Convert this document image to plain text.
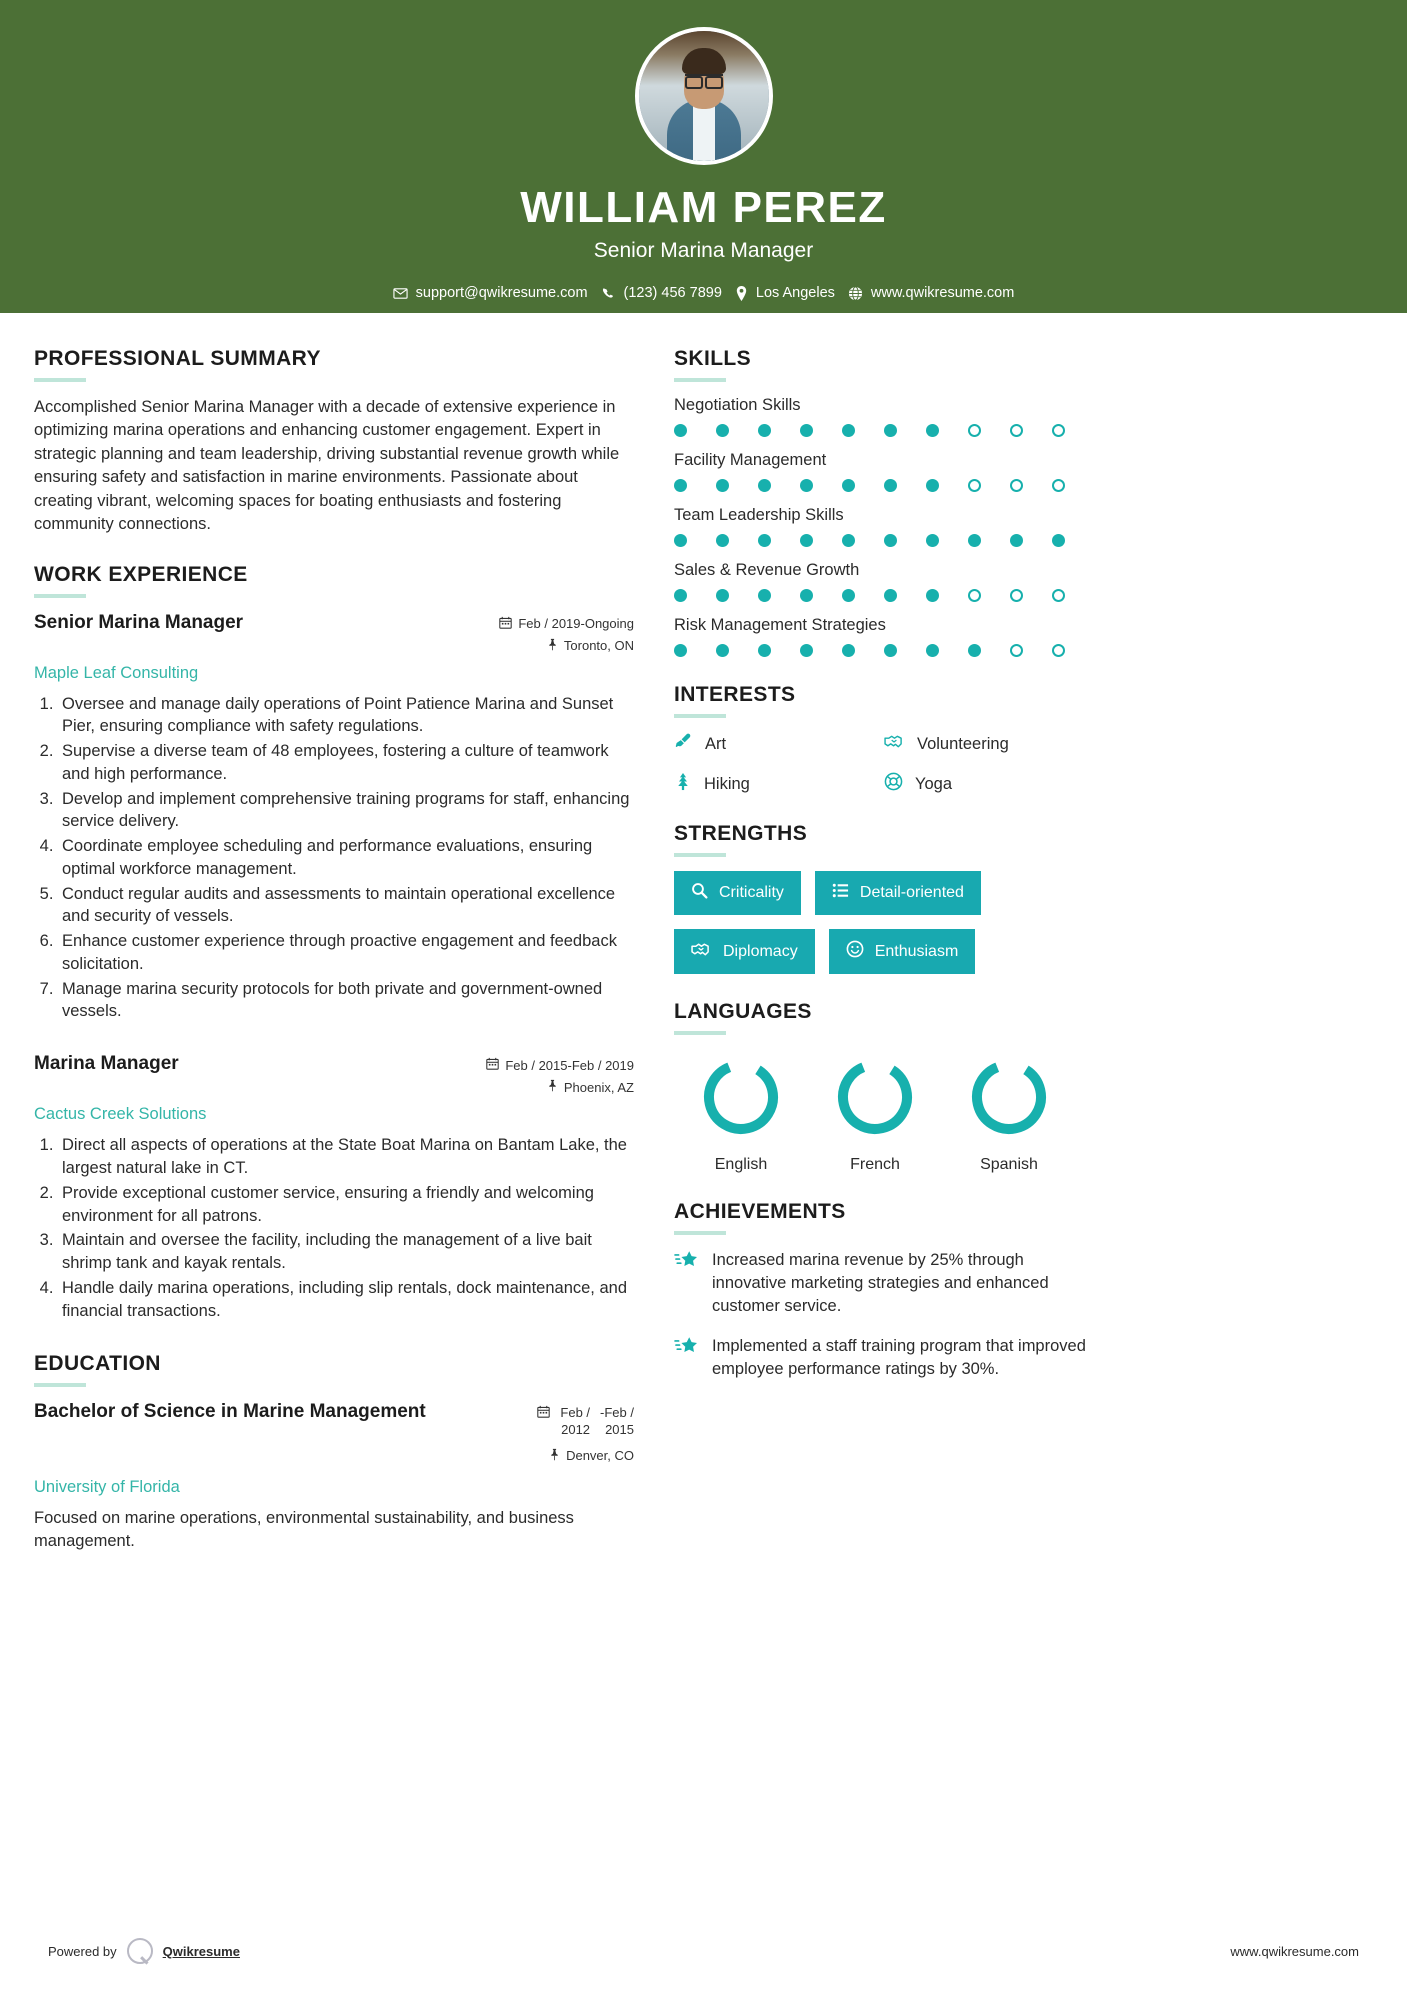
WILLIAM PEREZ
Senior Marina Manager
support@qwikresume.com (123) 456 7899 Los Angeles www.qwikresume.com
PROFESSIONAL SUMMARY
Accomplished Senior Marina Manager with a decade of extensive experience in optimizing marina operations and enhancing customer engagement. Expert in strategic planning and team leadership, driving substantial revenue growth while ensuring safety and satisfaction in marine environments. Passionate about creating vibrant, welcoming spaces for boating enthusiasts and fostering community connections.
WORK EXPERIENCE
Senior Marina Manager	Feb / 2019-Ongoing
Toronto, ON
Maple Leaf Consulting
1. Oversee and manage daily operations of Point Patience Marina and Sunset Pier, ensuring compliance with safety regulations.
2. Supervise a diverse team of 48 employees, fostering a culture of teamwork and high performance.
3. Develop and implement comprehensive training programs for staff, enhancing service delivery.
4. Coordinate employee scheduling and performance evaluations, ensuring optimal workforce management.
5. Conduct regular audits and assessments to maintain operational excellence and security of vessels.
6. Enhance customer experience through proactive engagement and feedback solicitation.
7. Manage marina security protocols for both private and government-owned vessels.
Marina Manager	Feb / 2015-Feb / 2019
Phoenix, AZ
Cactus Creek Solutions
1. Direct all aspects of operations at the State Boat Marina on Bantam Lake, the largest natural lake in CT.
2. Provide exceptional customer service, ensuring a friendly and welcoming environment for all patrons.
3. Maintain and oversee the facility, including the management of a live bait shrimp tank and kayak rentals.
4. Handle daily marina operations, including slip rentals, dock maintenance, and financial transactions.
EDUCATION
Bachelor of Science in Marine Management	Feb /
2012
-Feb /
2015
Denver, CO
University of Florida
Focused on marine operations, environmental sustainability, and business management.
SKILLS
Negotiation Skills
Facility Management
Team Leadership Skills
Sales & Revenue Growth
Risk Management Strategies
INTERESTS
Art	Volunteering
Hiking	Yoga
STRENGTHS
Criticality	Detail-oriented
Diplomacy	Enthusiasm
LANGUAGES
English	French	Spanish
ACHIEVEMENTS
Increased marina revenue by 25% through innovative marketing strategies and enhanced customer service.
Implemented a staff training program that improved employee performance ratings by 30%.
Powered by	Qwikresume	www.qwikresume.com
